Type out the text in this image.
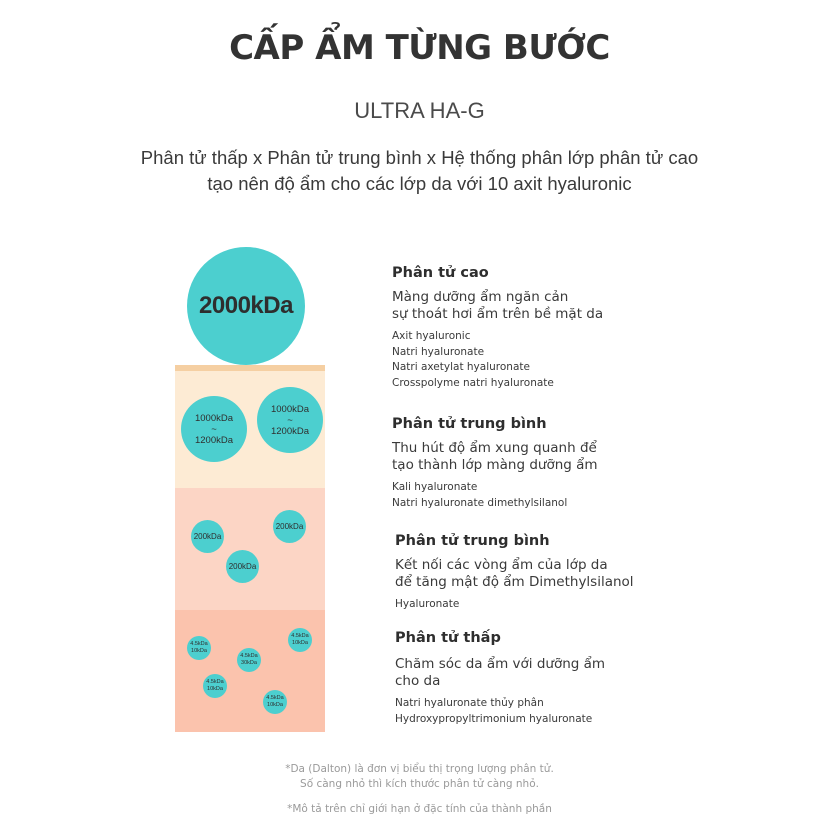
CẤP ẨM TỪNG BƯỚC
ULTRA HA-G
Phân tử thấp x Phân tử trung bình x Hệ thống phân lớp phân tử cao
tạo nên độ ẩm cho các lớp da với 10 axit hyaluronic
2000kDa
1000kDa
~
1200kDa
1000kDa
~
1200kDa
200kDa
200kDa
200kDa
4.5kDa
10kDa
4.5kDa
10kDa
4.5kDa
30kDa
4.5kDa
10kDa
4.5kDa
10kDa
Phân tử cao
Màng dưỡng ẩm ngăn cản
sự thoát hơi ẩm trên bề mặt da
Axit hyaluronic
Natri hyaluronate
Natri axetylat hyaluronate
Crosspolyme natri hyaluronate
Phân tử trung bình
Thu hút độ ẩm xung quanh để
tạo thành lớp màng dưỡng ẩm
Kali hyaluronate
Natri hyaluronate dimethylsilanol
Phân tử trung bình
Kết nối các vòng ẩm của lớp da
để tăng mật độ ẩm Dimethylsilanol
Hyaluronate
Phân tử thấp
Chăm sóc da ẩm với dưỡng ẩm
cho da
Natri hyaluronate thủy phân
Hydroxypropyltrimonium hyaluronate
*Da (Dalton) là đơn vị biểu thị trọng lượng phân tử.
Số càng nhỏ thì kích thước phân tử càng nhỏ.
*Mô tả trên chỉ giới hạn ở đặc tính của thành phần
